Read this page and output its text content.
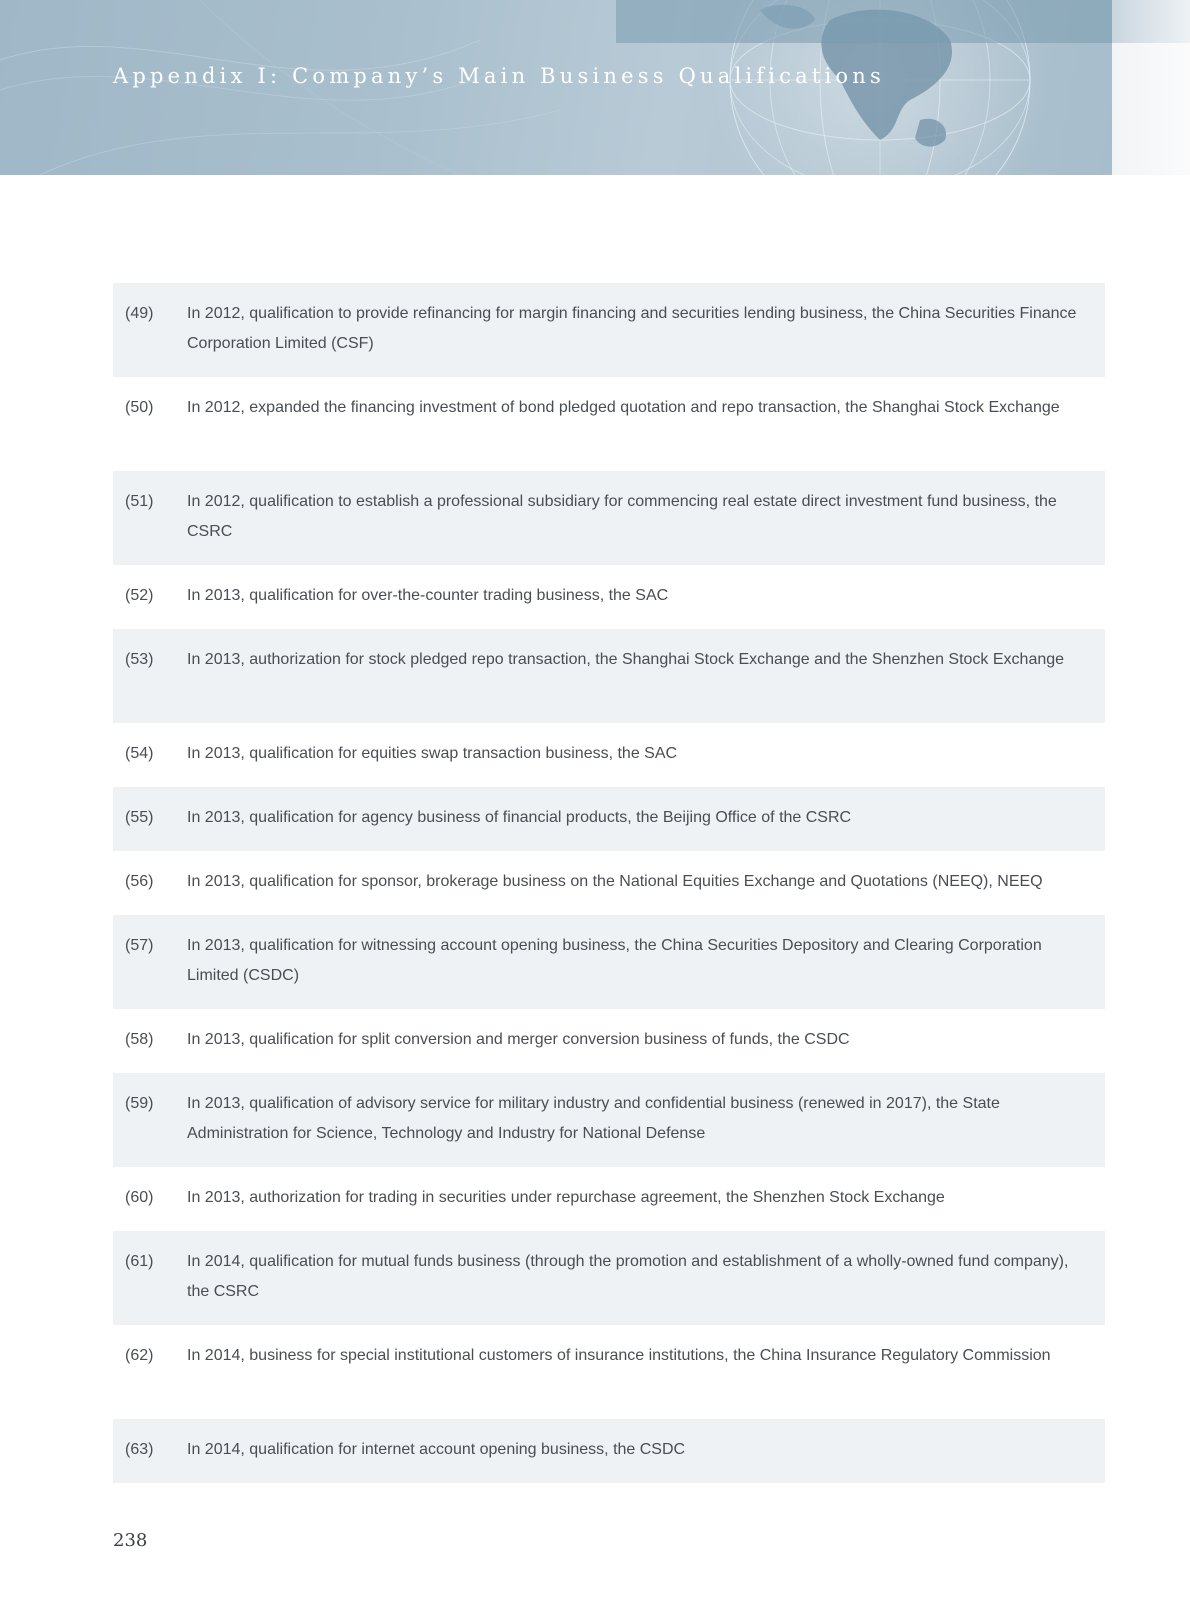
Appendix I: Company’s Main Business Qualifications
(49)	In 2012, qualification to provide refinancing for margin financing and securities lending business, the China Securities Finance Corporation Limited (CSF)
(50)	In 2012, expanded the financing investment of bond pledged quotation and repo transaction, the Shanghai Stock Exchange
(51)	In 2012, qualification to establish a professional subsidiary for commencing real estate direct investment fund business, the CSRC
(52)	In 2013, qualification for over-the-counter trading business, the SAC
(53)	In 2013, authorization for stock pledged repo transaction, the Shanghai Stock Exchange and the Shenzhen Stock Exchange
(54)	In 2013, qualification for equities swap transaction business, the SAC
(55)	In 2013, qualification for agency business of financial products, the Beijing Office of the CSRC
(56)	In 2013, qualification for sponsor, brokerage business on the National Equities Exchange and Quotations (NEEQ), NEEQ
(57)	In 2013, qualification for witnessing account opening business, the China Securities Depository and Clearing Corporation Limited (CSDC)
(58)	In 2013, qualification for split conversion and merger conversion business of funds, the CSDC
(59)	In 2013, qualification of advisory service for military industry and confidential business (renewed in 2017), the State Administration for Science, Technology and Industry for National Defense
(60)	In 2013, authorization for trading in securities under repurchase agreement, the Shenzhen Stock Exchange
(61)	In 2014, qualification for mutual funds business (through the promotion and establishment of a wholly-owned fund company), the CSRC
(62)	In 2014, business for special institutional customers of insurance institutions, the China Insurance Regulatory Commission
(63)	In 2014, qualification for internet account opening business, the CSDC
238
